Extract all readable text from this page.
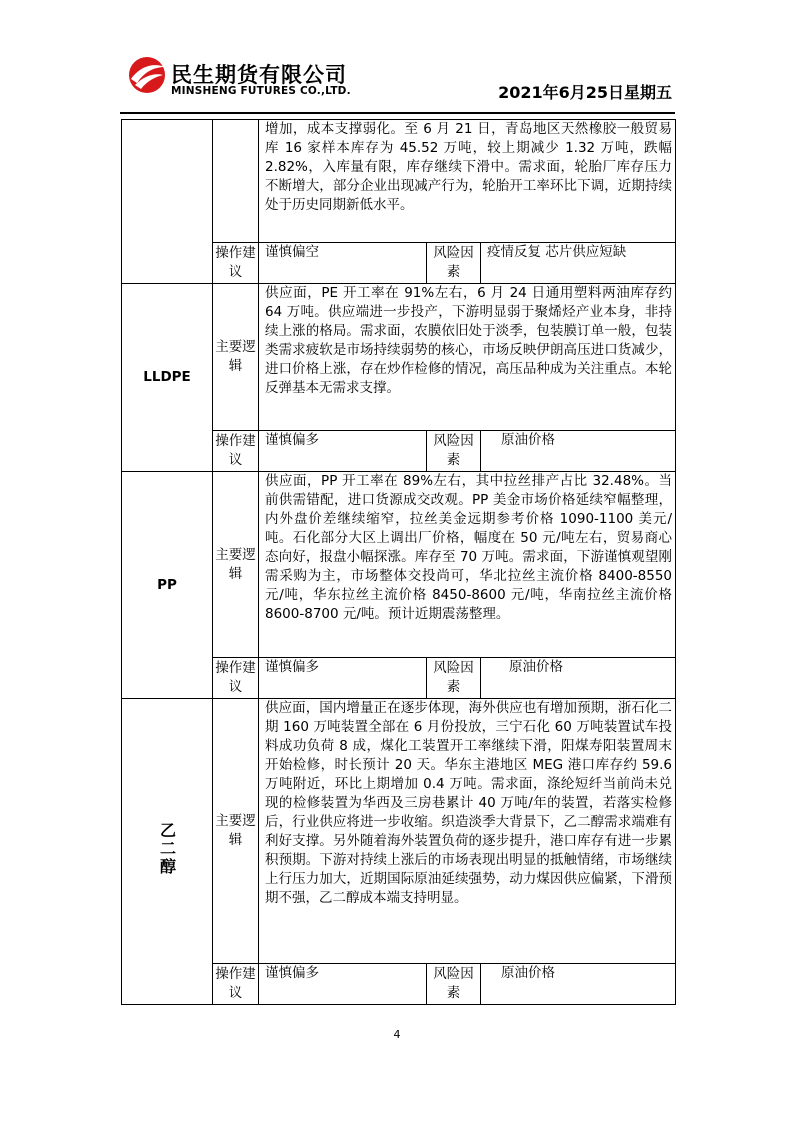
民生期货有限公司
MINSHENG FUTURES CO.,LTD.	2021年6月25日星期五
		增加，成本支撑弱化。至 6 月 21 日，青岛地区天然橡胶一般贸易库 16 家样本库存为 45.52 万吨，较上期减少 1.32 万吨，跌幅 2.82%，入库量有限，库存继续下滑中。需求面，轮胎厂库存压力不断增大，部分企业出现减产行为，轮胎开工率环比下调，近期持续处于历史同期新低水平。		
	操作建议	谨慎偏空	风险因素	疫情反复 芯片供应短缺
LLDPE	主要逻辑	供应面，PE 开工率在 91%左右，6 月 24 日通用塑料两油库存约 64 万吨。供应端进一步投产，下游明显弱于聚烯烃产业本身，非持续上涨的格局。需求面，农膜依旧处于淡季，包装膜订单一般，包装类需求疲软是市场持续弱势的核心，市场反映伊朗高压进口货减少，进口价格上涨，存在炒作检修的情况，高压品种成为关注重点。本轮反弹基本无需求支撑。		
	操作建议	谨慎偏多	风险因素	原油价格
PP	主要逻辑	供应面，PP 开工率在 89%左右，其中拉丝排产占比 32.48%。当前供需错配，进口货源成交改观。PP 美金市场价格延续窄幅整理，内外盘价差继续缩窄，拉丝美金远期参考价格 1090-1100 美元/吨。石化部分大区上调出厂价格，幅度在 50 元/吨左右，贸易商心态向好，报盘小幅探涨。库存至 70 万吨。需求面，下游谨慎观望刚需采购为主，市场整体交投尚可，华北拉丝主流价格 8400-8550 元/吨，华东拉丝主流价格 8450-8600 元/吨，华南拉丝主流价格 8600-8700 元/吨。预计近期震荡整理。		
	操作建议	谨慎偏多	风险因素	原油价格
乙二醇	主要逻辑	供应面，国内增量正在逐步体现，海外供应也有增加预期，浙石化二期 160 万吨装置全部在 6 月份投放，三宁石化 60 万吨装置试车投料成功负荷 8 成，煤化工装置开工率继续下滑，阳煤寿阳装置周末开始检修，时长预计 20 天。华东主港地区 MEG 港口库存约 59.6 万吨附近，环比上期增加 0.4 万吨。需求面，涤纶短纤当前尚未兑现的检修装置为华西及三房巷累计 40 万吨/年的装置，若落实检修后，行业供应将进一步收缩。织造淡季大背景下，乙二醇需求端难有利好支撑。另外随着海外装置负荷的逐步提升，港口库存有进一步累积预期。下游对持续上涨后的市场表现出明显的抵触情绪，市场继续上行压力加大，近期国际原油延续强势，动力煤因供应偏紧，下滑预期不强，乙二醇成本端支持明显。		
	操作建议	谨慎偏多	风险因素	原油价格
4
